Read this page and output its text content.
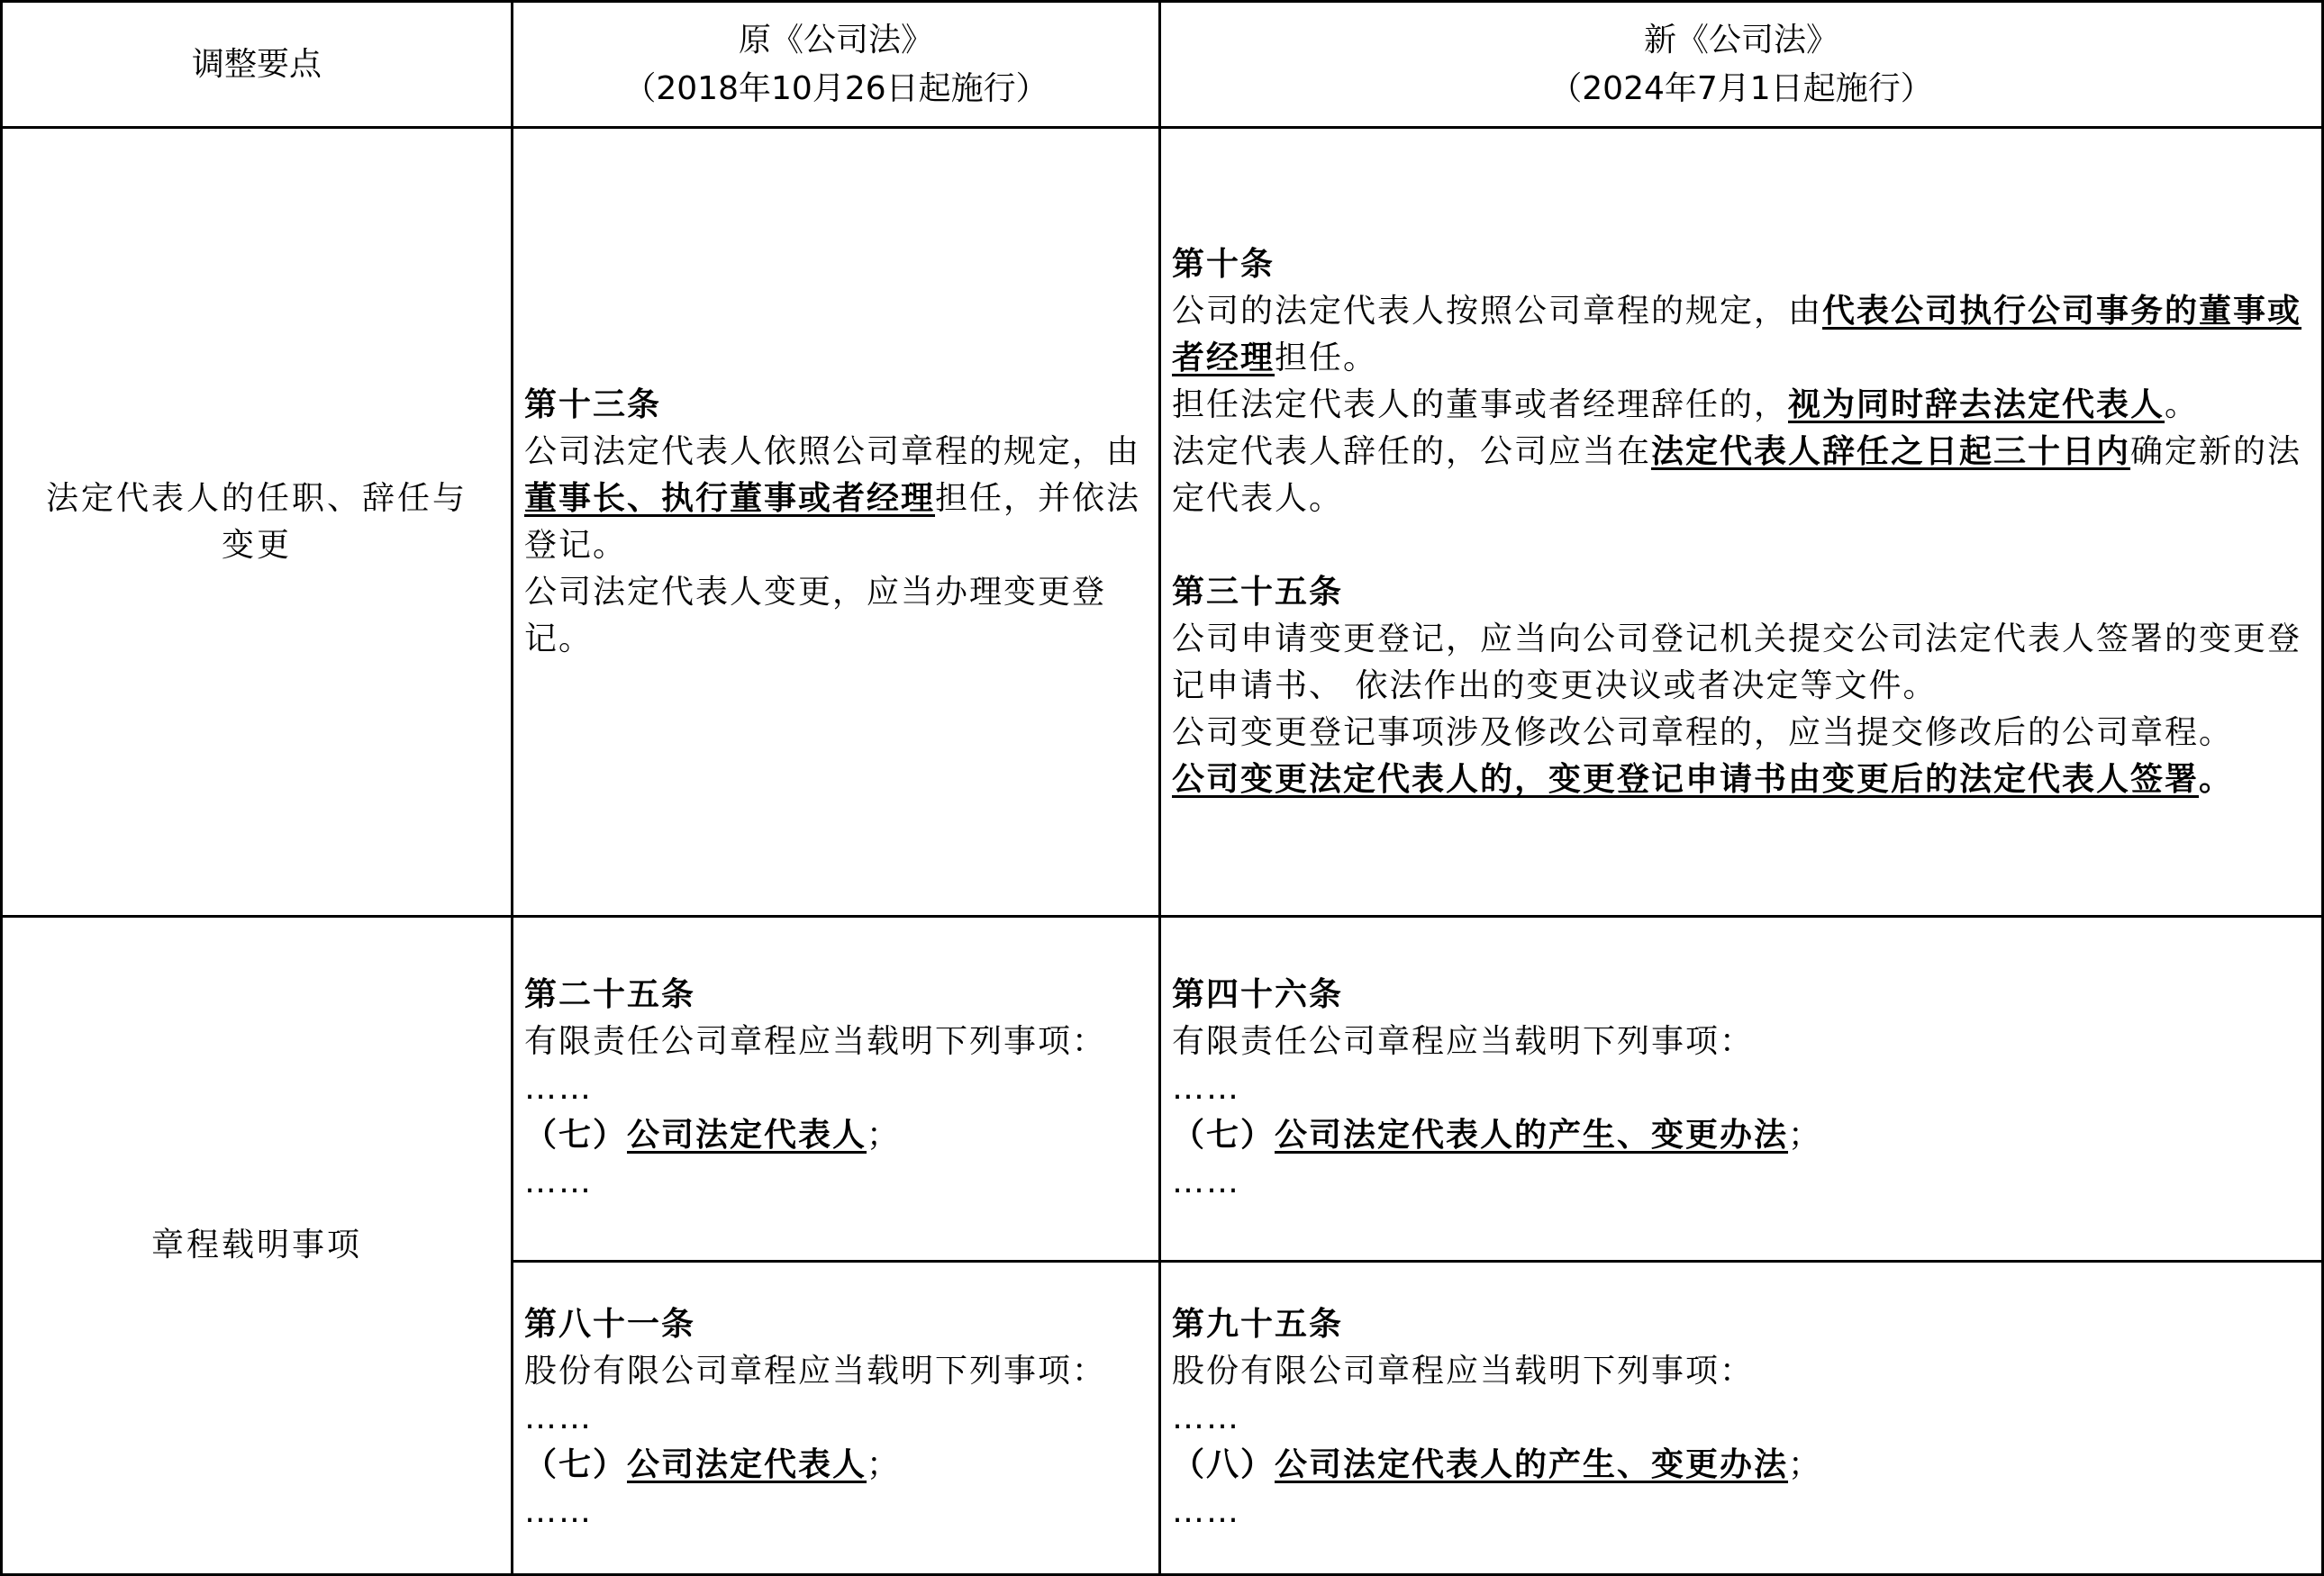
调整要点
原《公司法》
（2018年10月26日起施行）
新《公司法》
（2024年7月1日起施行）
法定代表人的任职、辞任与
变更
第十三条
公司法定代表人依照公司章程的规定，由董事长、执行董事或者经理担任，并依法登记。
公司法定代表人变更，应当办理变更登记。
第十条
公司的法定代表人按照公司章程的规定，由代表公司执行公司事务的董事或者经理担任。
担任法定代表人的董事或者经理辞任的，视为同时辞去法定代表人。
法定代表人辞任的，公司应当在法定代表人辞任之日起三十日内确定新的法定代表人。
第三十五条
公司申请变更登记，应当向公司登记机关提交公司法定代表人签署的变更登记申请书、 依法作出的变更决议或者决定等文件。
公司变更登记事项涉及修改公司章程的，应当提交修改后的公司章程。
公司变更法定代表人的，变更登记申请书由变更后的法定代表人签署。
章程载明事项
第二十五条
有限责任公司章程应当载明下列事项：
……
（七）公司法定代表人；
……
第四十六条
有限责任公司章程应当载明下列事项：
……
（七）公司法定代表人的产生、变更办法；
……
第八十一条
股份有限公司章程应当载明下列事项：
……
（七）公司法定代表人；
……
第九十五条
股份有限公司章程应当载明下列事项：
……
（八）公司法定代表人的产生、变更办法；
……
